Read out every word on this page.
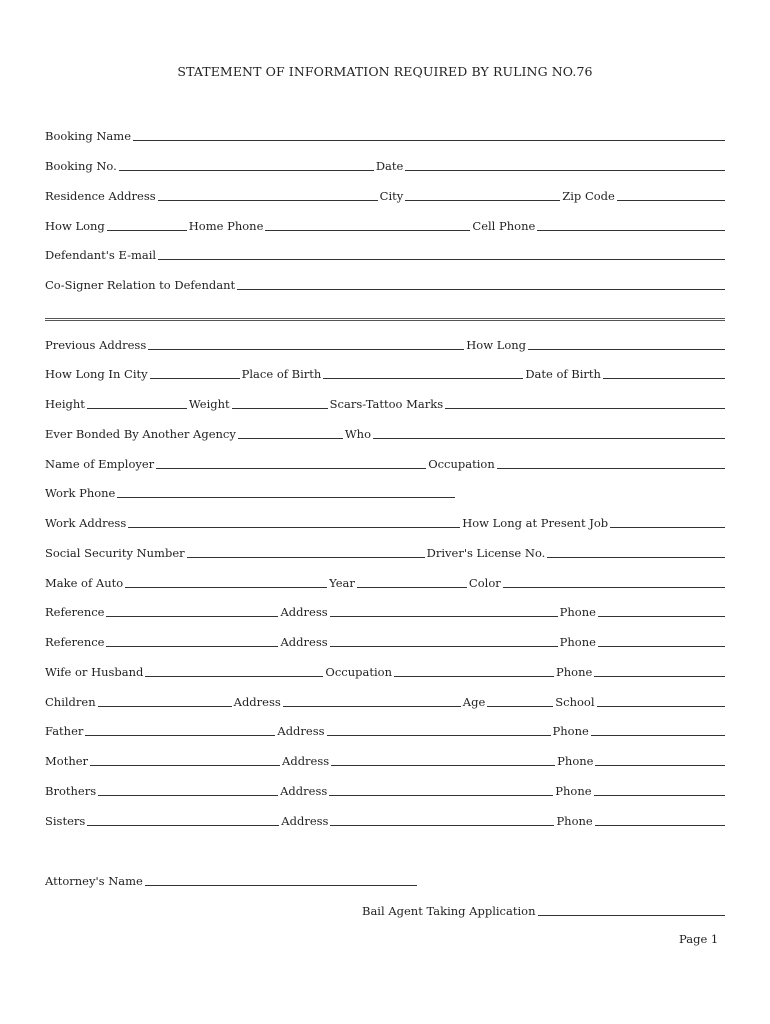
STATEMENT OF INFORMATION REQUIRED BY RULING NO.76
Booking Name
Booking No.	Date
Residence Address	City	Zip Code
How Long	Home Phone	Cell Phone
Defendant's E-mail
Co-Signer Relation to Defendant
Previous Address	How Long
How Long In City	Place of Birth	Date of Birth
Height	Weight	Scars-Tattoo Marks
Ever Bonded By Another Agency	Who
Name of Employer	Occupation
Work Phone
Work Address	How Long at Present Job
Social Security Number	Driver's License No.
Make of Auto	Year	Color
Reference	Address	Phone
Reference	Address	Phone
Wife or Husband	Occupation	Phone
Children	Address	Age	School
Father	Address	Phone
Mother	Address	Phone
Brothers	Address	Phone
Sisters	Address	Phone
Attorney's Name
Bail Agent Taking Application
Page 1
